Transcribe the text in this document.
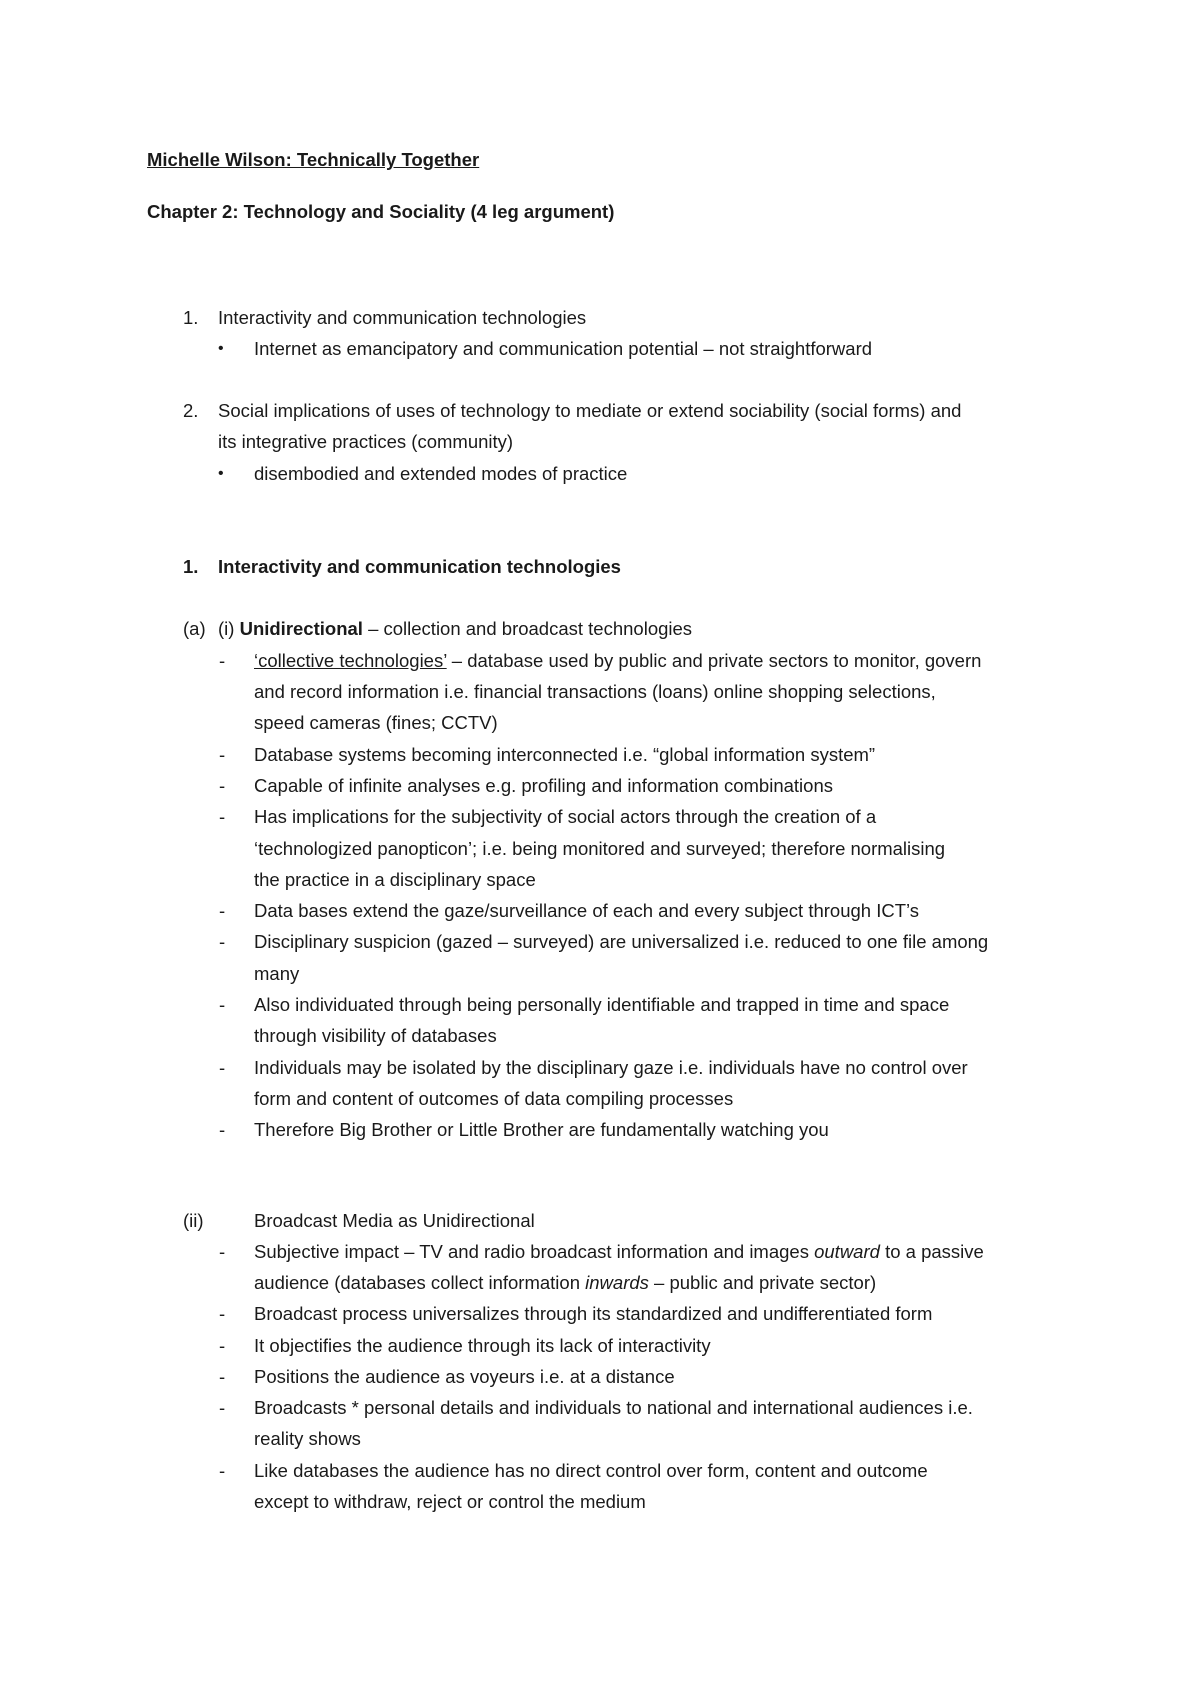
Michelle Wilson: Technically Together
Chapter 2: Technology and Sociality (4 leg argument)
1. Interactivity and communication technologies
• Internet as emancipatory and communication potential – not straightforward
2. Social implications of uses of technology to mediate or extend sociability (social forms) and
its integrative practices (community)
• disembodied and extended modes of practice
1. Interactivity and communication technologies
(a) (i) Unidirectional – collection and broadcast technologies
- ‘collective technologies’ – database used by public and private sectors to monitor, govern
and record information i.e. financial transactions (loans) online shopping selections,
speed cameras (fines; CCTV)
- Database systems becoming interconnected i.e. “global information system”
- Capable of infinite analyses e.g. profiling and information combinations
- Has implications for the subjectivity of social actors through the creation of a
‘technologized panopticon’; i.e. being monitored and surveyed; therefore normalising
the practice in a disciplinary space
- Data bases extend the gaze/surveillance of each and every subject through ICT’s
- Disciplinary suspicion (gazed – surveyed) are universalized i.e. reduced to one file among
many
- Also individuated through being personally identifiable and trapped in time and space
through visibility of databases
- Individuals may be isolated by the disciplinary gaze i.e. individuals have no control over
form and content of outcomes of data compiling processes
- Therefore Big Brother or Little Brother are fundamentally watching you
(ii)	Broadcast Media as Unidirectional
- Subjective impact – TV and radio broadcast information and images outward to a passive
audience (databases collect information inwards – public and private sector)
- Broadcast process universalizes through its standardized and undifferentiated form
- It objectifies the audience through its lack of interactivity
- Positions the audience as voyeurs i.e. at a distance
- Broadcasts * personal details and individuals to national and international audiences i.e.
reality shows
- Like databases the audience has no direct control over form, content and outcome
except to withdraw, reject or control the medium
